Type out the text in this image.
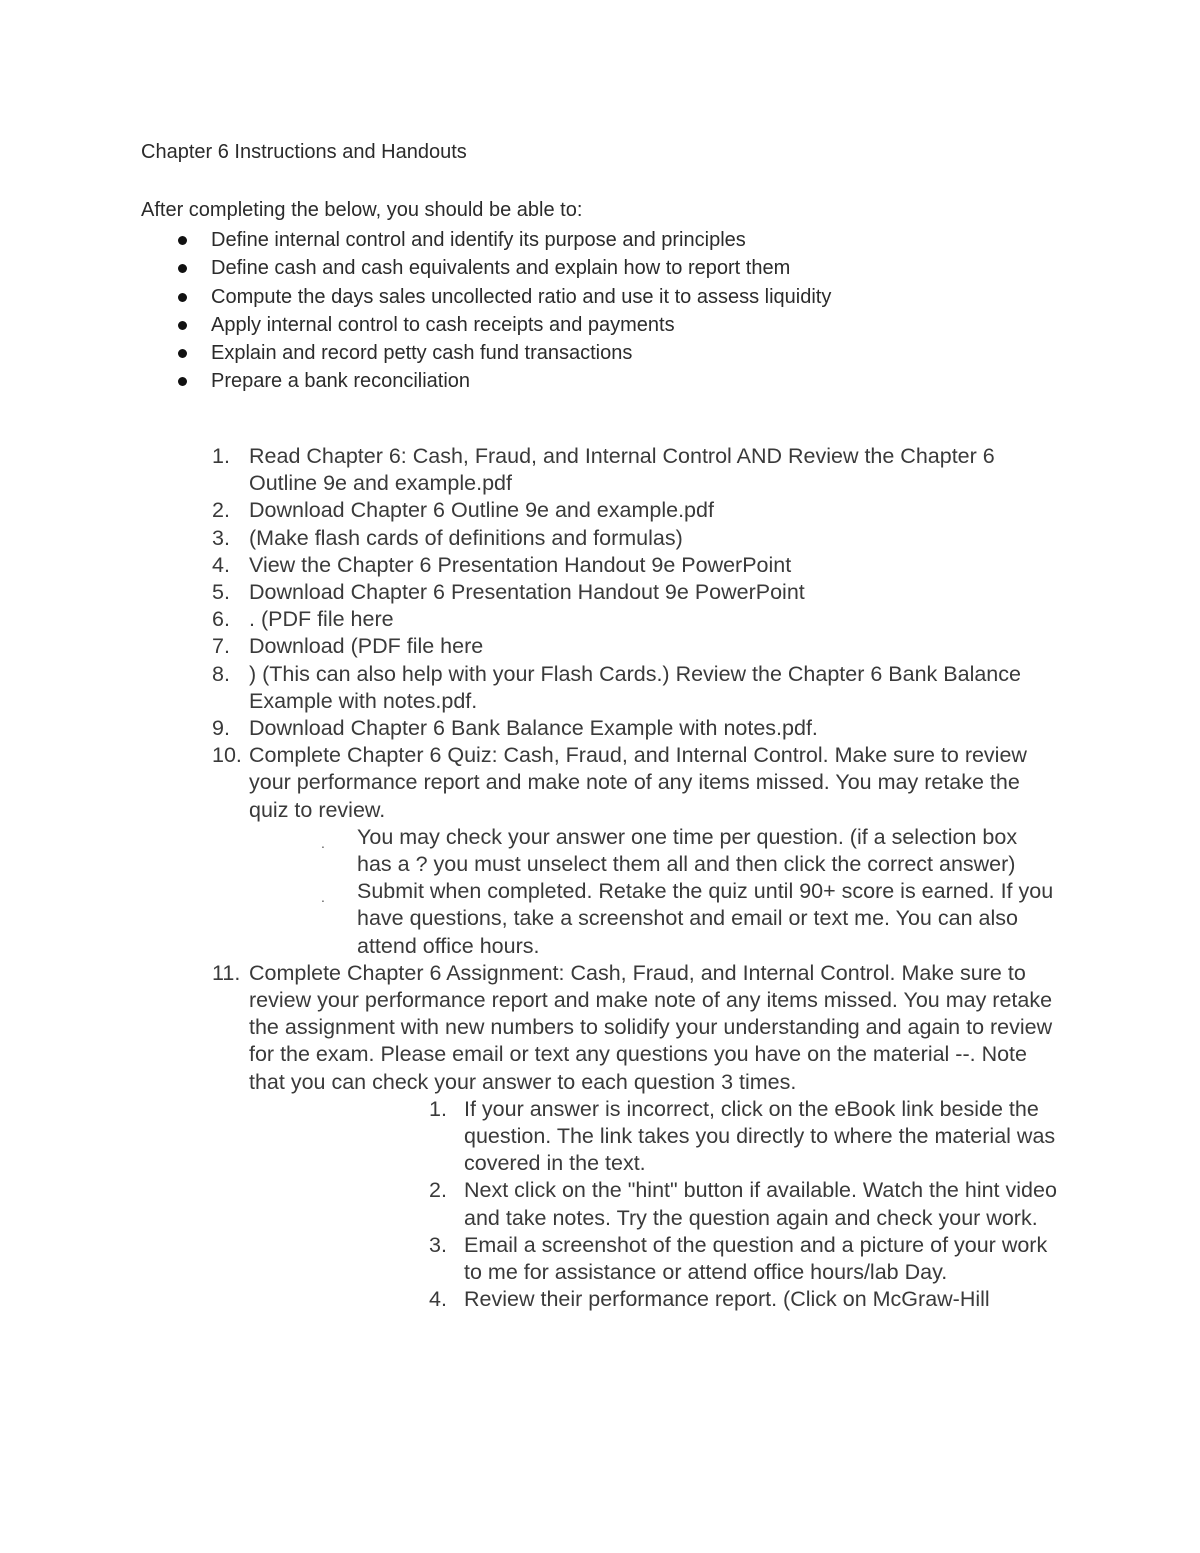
Chapter 6 Instructions and Handouts

After completing the below, you should be able to:

Define internal control and identify its purpose and principles
Define cash and cash equivalents and explain how to report them
Compute the days sales uncollected ratio and use it to assess liquidity
Apply internal control to cash receipts and payments
Explain and record petty cash fund transactions
Prepare a bank reconciliation
1. Read Chapter 6: Cash, Fraud, and Internal Control AND Review the Chapter 6 Outline 9e and example.pdf
2. Download Chapter 6 Outline 9e and example.pdf
3. (Make flash cards of definitions and formulas)
4. View the Chapter 6 Presentation Handout 9e PowerPoint
5. Download Chapter 6 Presentation Handout 9e PowerPoint
6. . (PDF file here
7. Download (PDF file here
8. ) (This can also help with your Flash Cards.) Review the Chapter 6 Bank Balance Example with notes.pdf.
9. Download Chapter 6 Bank Balance Example with notes.pdf.
10. Complete Chapter 6 Quiz: Cash, Fraud, and Internal Control. Make sure to review your performance report and make note of any items missed. You may retake the quiz to review.
. You may check your answer one time per question. (if a selection box has a ? you must unselect them all and then click the correct answer)
. Submit when completed. Retake the quiz until 90+ score is earned. If you have questions, take a screenshot and email or text me. You can also attend office hours.
11. Complete Chapter 6 Assignment: Cash, Fraud, and Internal Control. Make sure to review your performance report and make note of any items missed. You may retake the assignment with new numbers to solidify your understanding and again to review for the exam. Please email or text any questions you have on the material --. Note that you can check your answer to each question 3 times.
1. If your answer is incorrect, click on the eBook link beside the question. The link takes you directly to where the material was covered in the text.
2. Next click on the "hint" button if available. Watch the hint video and take notes. Try the question again and check your work.
3. Email a screenshot of the question and a picture of your work to me for assistance or attend office hours/lab Day.
4. Review their performance report. (Click on McGraw-Hill
